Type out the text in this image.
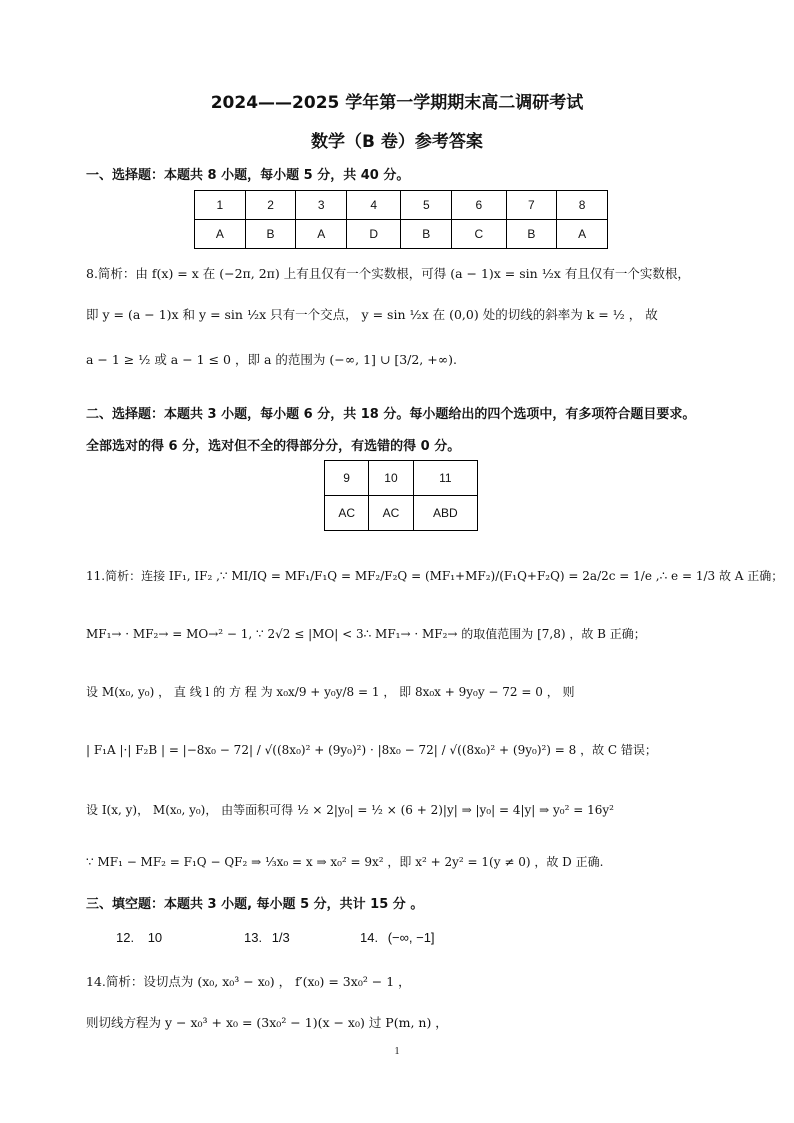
2024——2025 学年第一学期期末高二调研考试
数学（B 卷）参考答案
一、选择题：本题共 8 小题，每小题 5 分，共 40 分。
1	2	3	4	5	6	7	8
A	B	A	D	B	C	B	A
8.简析：由 f(x) = x 在 (−2π, 2π) 上有且仅有一个实数根，可得 (a − 1)x = sin ½x 有且仅有一个实数根，
即 y = (a − 1)x 和 y = sin ½x 只有一个交点， y = sin ½x 在 (0,0) 处的切线的斜率为 k = ½ ， 故
a − 1 ≥ ½ 或 a − 1 ≤ 0 ，即 a 的范围为 (−∞, 1] ∪ [3/2, +∞).
二、选择题：本题共 3 小题，每小题 6 分，共 18 分。每小题给出的四个选项中，有多项符合题目要求。
全部选对的得 6 分，选对但不全的得部分分，有选错的得 0 分。
9	10	11
AC	AC	ABD
11.简析：连接 IF₁, IF₂ ,∵ MI/IQ = MF₁/F₁Q = MF₂/F₂Q = (MF₁+MF₂)/(F₁Q+F₂Q) = 2a/2c = 1/e ,∴ e = 1/3 故 A 正确；
MF₁→ · MF₂→ = MO→² − 1, ∵ 2√2 ≤ |MO| < 3∴ MF₁→ · MF₂→ 的取值范围为 [7,8) ，故 B 正确；
设 M(x₀, y₀) ， 直 线 l 的 方 程 为 x₀x/9 + y₀y/8 = 1 ， 即 8x₀x + 9y₀y − 72 = 0 ， 则
| F₁A |·| F₂B | = |−8x₀ − 72| / √((8x₀)² + (9y₀)²) · |8x₀ − 72| / √((8x₀)² + (9y₀)²) = 8 ，故 C 错误；
设 I(x, y)， M(x₀, y₀)， 由等面积可得 ½ × 2|y₀| = ½ × (6 + 2)|y| ⇒ |y₀| = 4|y| ⇒ y₀² = 16y²
∵ MF₁ − MF₂ = F₁Q − QF₂ ⇒ ⅓x₀ = x ⇒ x₀² = 9x² ，即 x² + 2y² = 1(y ≠ 0) ，故 D 正确.
三、填空题：本题共 3 小题, 每小题 5 分，共计 15 分 。
12. 10	13. 1/3	14. (−∞, −1]
14.简析：设切点为 (x₀, x₀³ − x₀) ， f′(x₀) = 3x₀² − 1 ，
则切线方程为 y − x₀³ + x₀ = (3x₀² − 1)(x − x₀) 过 P(m, n) ，
1
